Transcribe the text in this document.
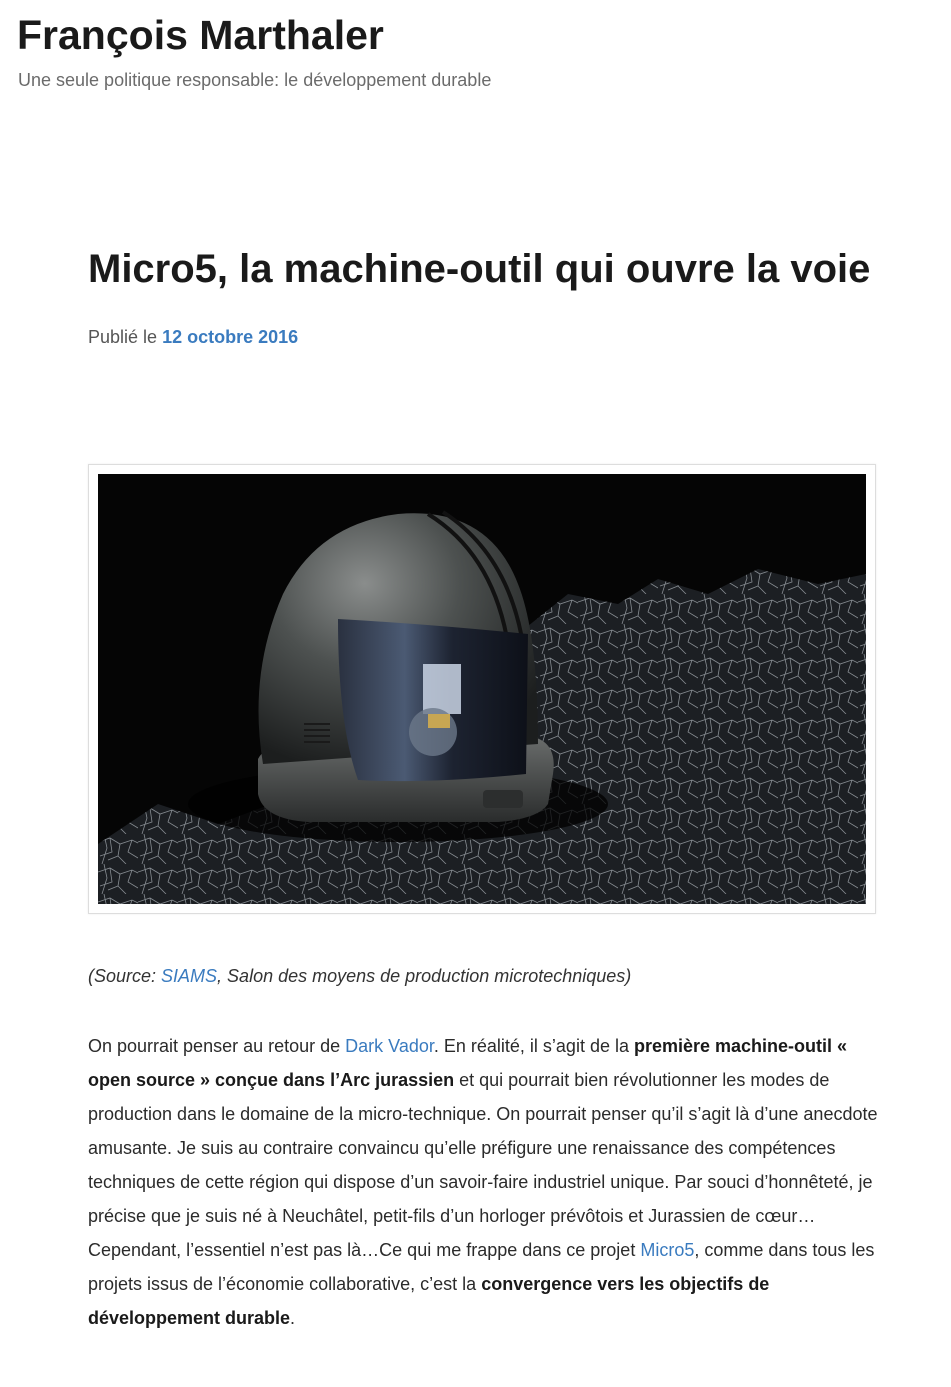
François Marthaler

Une seule politique responsable: le développement durable

Micro5, la machine-outil qui ouvre la voie
Publié le 12 octobre 2016
(Source: SIAMS, Salon des moyens de production microtechniques)

On pourrait penser au retour de Dark Vador. En réalité, il s’agit de la première machine-outil « open source » conçue dans l’Arc jurassien et qui pourrait bien révolutionner les modes de production dans le domaine de la micro-technique. On pourrait penser qu’il s’agit là d’une anecdote amusante. Je suis au contraire convaincu qu’elle préfigure une renaissance des compétences techniques de cette région qui dispose d’un savoir-faire industriel unique. Par souci d’honnêteté, je précise que je suis né à Neuchâtel, petit-fils d’un horloger prévôtois et Jurassien de cœur… Cependant, l’essentiel n’est pas là…Ce qui me frappe dans ce projet Micro5, comme dans tous les projets issus de l’économie collaborative, c’est la convergence vers les objectifs de développement durable.
